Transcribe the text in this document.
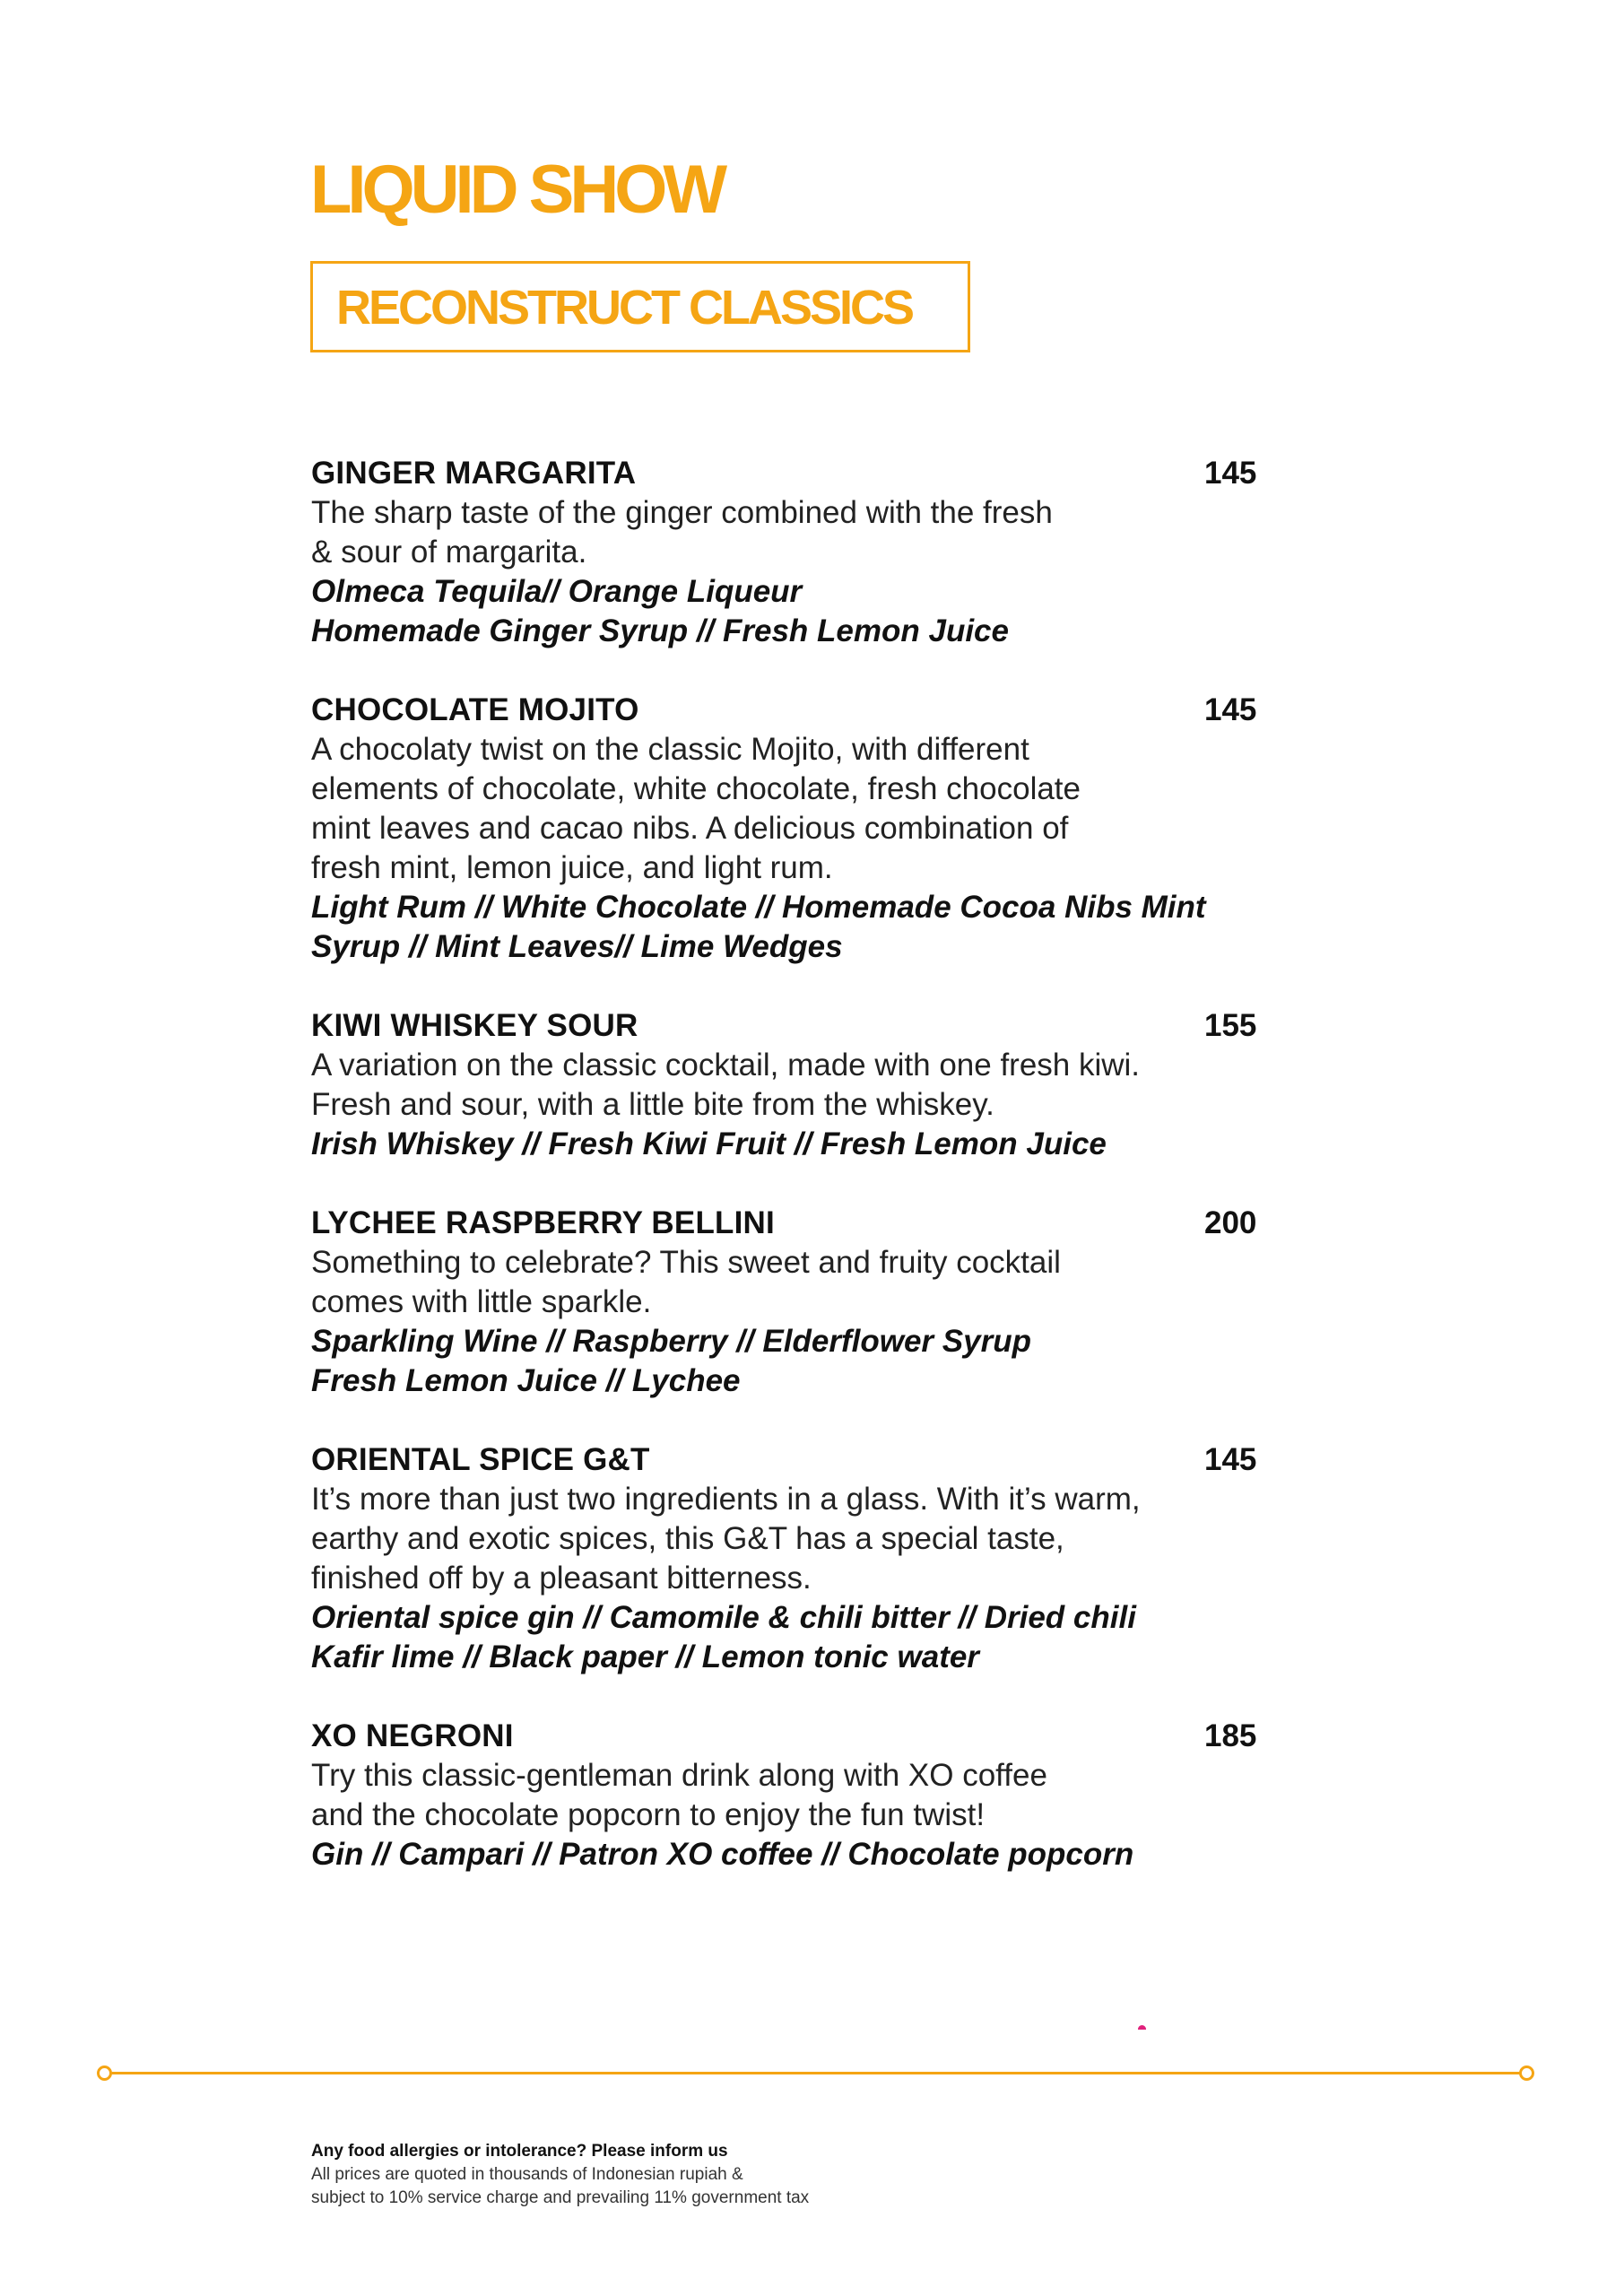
LIQUID SHOW
RECONSTRUCT CLASSICS
GINGER MARGARITA	145

The sharp taste of the ginger combined with the fresh
& sour of margarita.

Olmeca Tequila// Orange Liqueur
Homemade Ginger Syrup // Fresh Lemon Juice

CHOCOLATE MOJITO	145

A chocolaty twist on the classic Mojito, with different
elements of chocolate, white chocolate, fresh chocolate
mint leaves and cacao nibs. A delicious combination of
fresh mint, lemon juice, and light rum.

Light Rum // White Chocolate // Homemade Cocoa Nibs Mint
Syrup // Mint Leaves// Lime Wedges

KIWI WHISKEY SOUR	155

A variation on the classic cocktail, made with one fresh kiwi.
Fresh and sour, with a little bite from the whiskey.

Irish Whiskey // Fresh Kiwi Fruit // Fresh Lemon Juice

LYCHEE RASPBERRY BELLINI	200

Something to celebrate? This sweet and fruity cocktail
comes with little sparkle.

Sparkling Wine // Raspberry // Elderflower Syrup
Fresh Lemon Juice // Lychee

ORIENTAL SPICE G&T	145

It’s more than just two ingredients in a glass. With it’s warm,
earthy and exotic spices, this G&T has a special taste,
finished off by a pleasant bitterness.

Oriental spice gin // Camomile & chili bitter // Dried chili
Kafir lime // Black paper // Lemon tonic water

XO NEGRONI	185

Try this classic-gentleman drink along with XO coffee
and the chocolate popcorn to enjoy the fun twist!

Gin // Campari // Patron XO coffee // Chocolate popcorn

Any food allergies or intolerance? Please inform us
All prices are quoted in thousands of Indonesian rupiah &
subject to 10% service charge and prevailing 11% government tax
